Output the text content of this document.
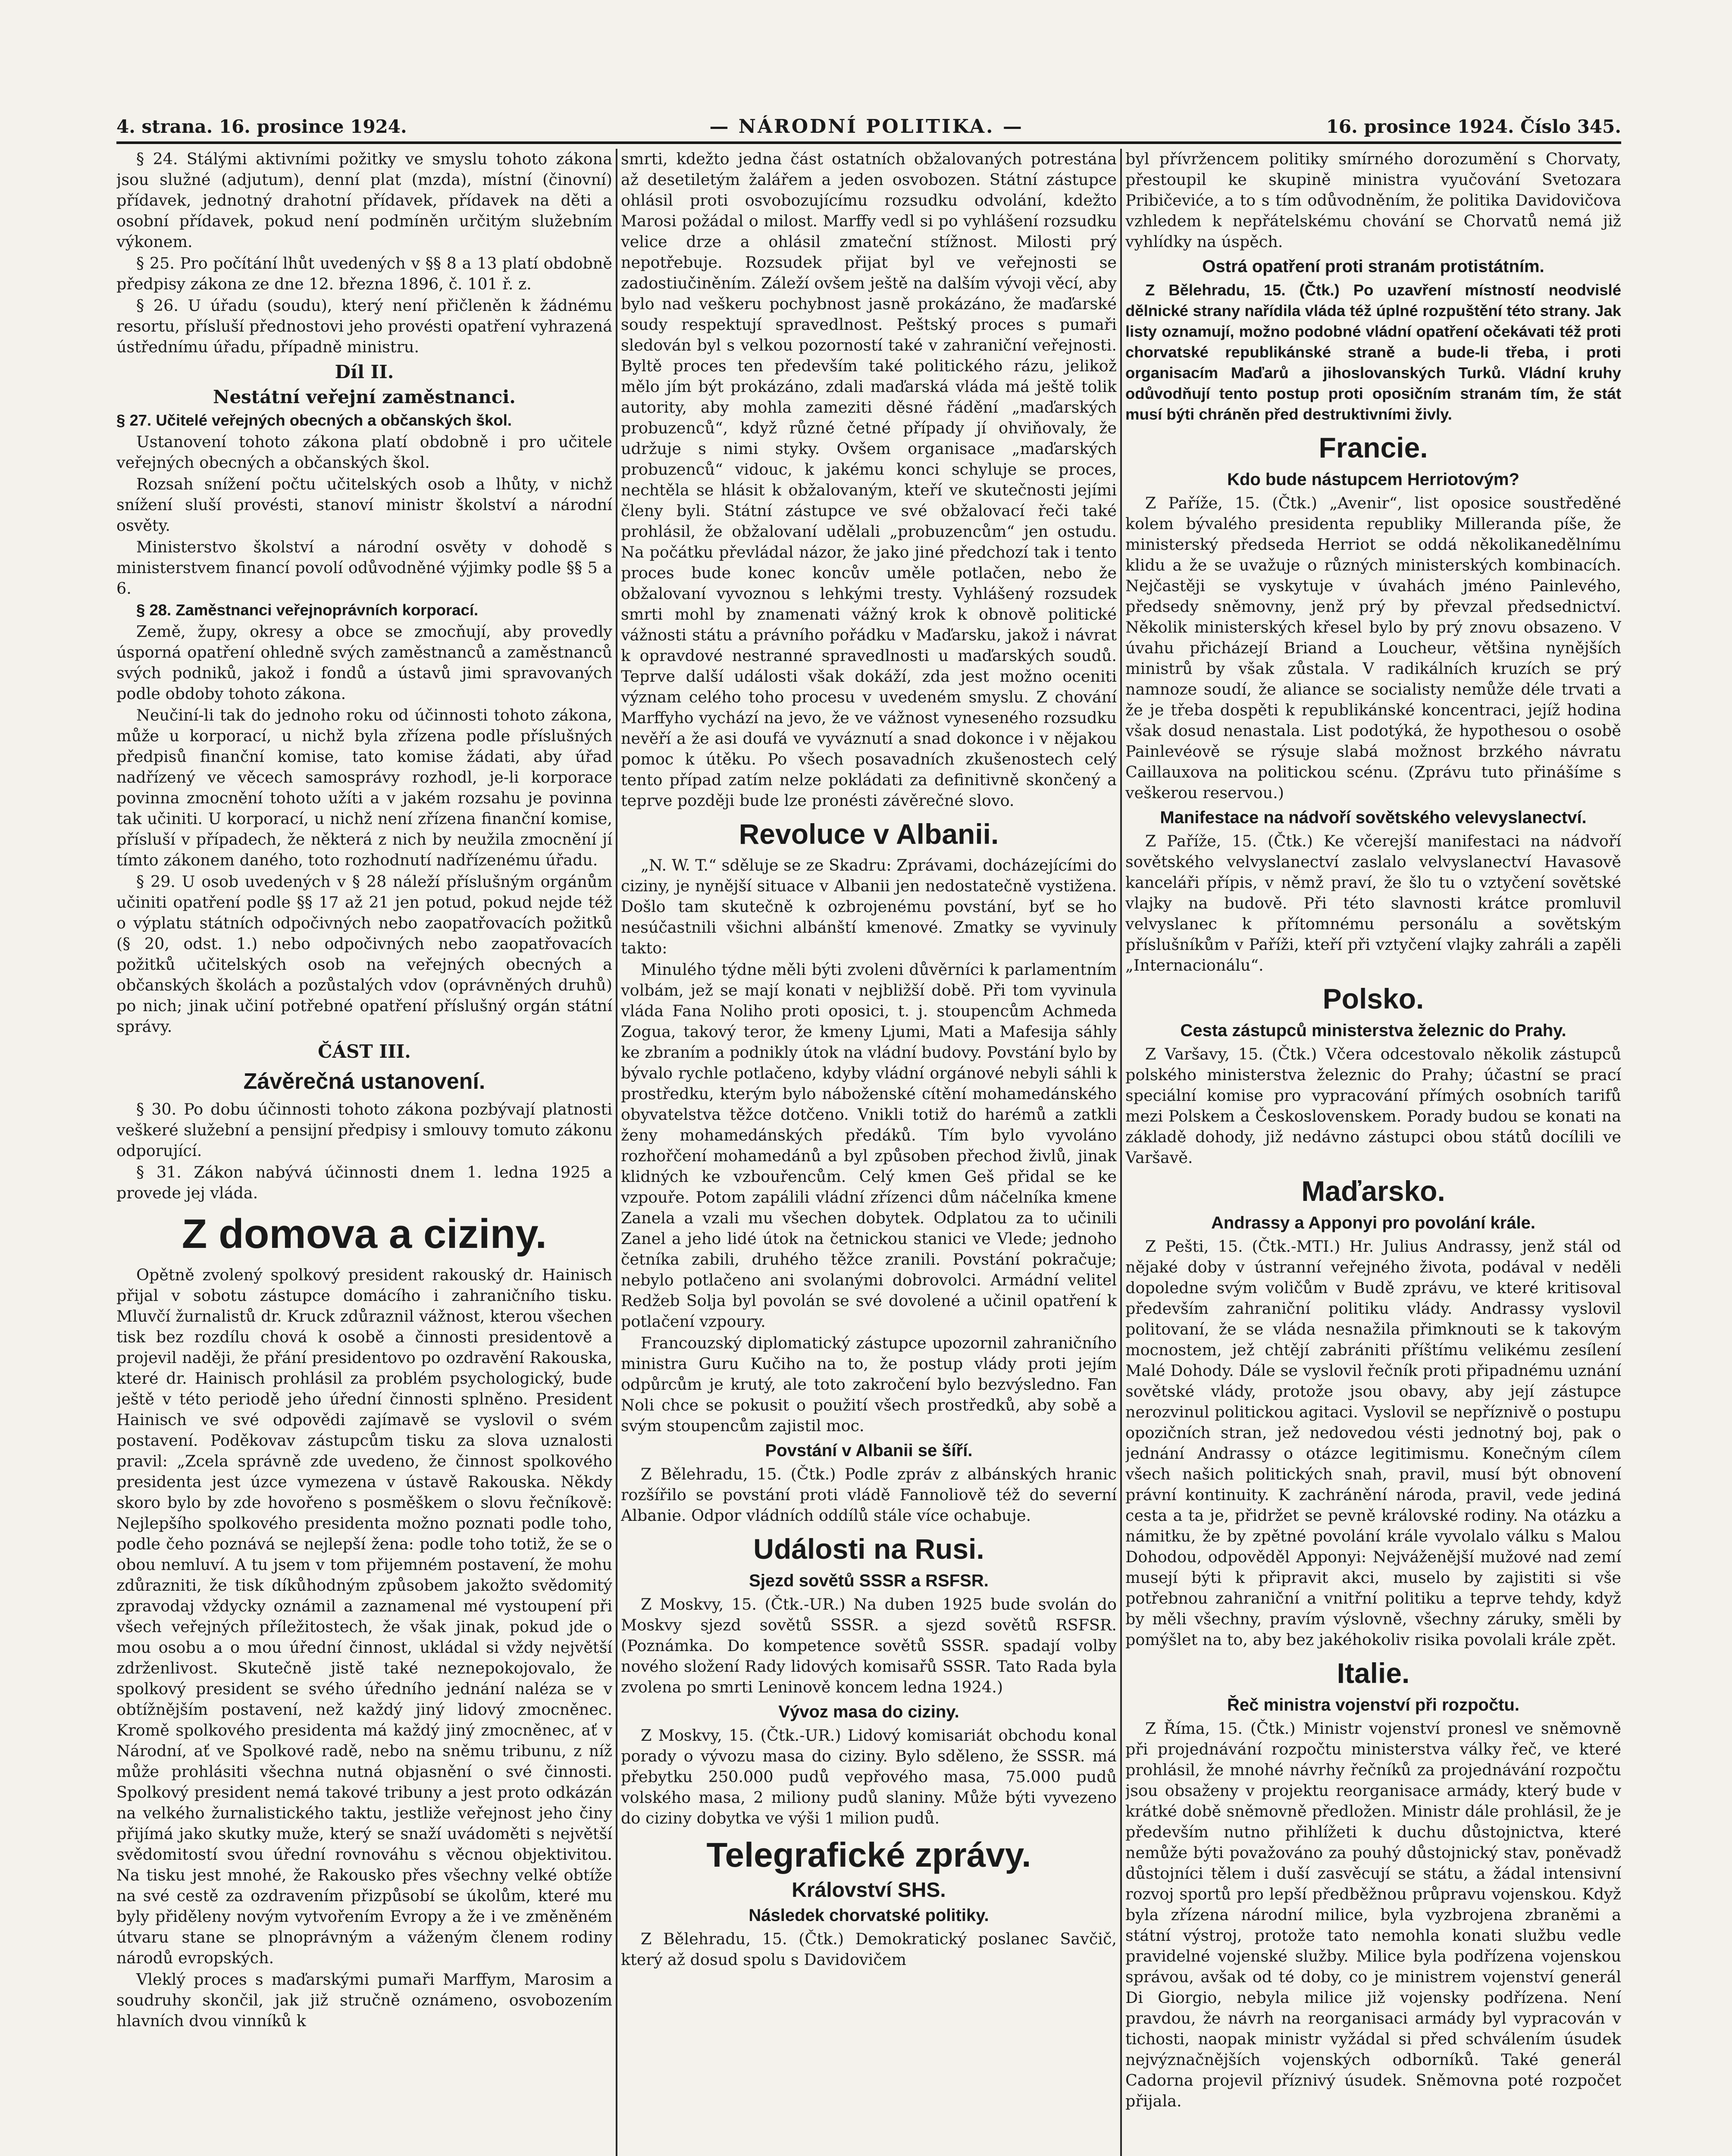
4. strana. 16. prosince 1924.	— NÁRODNÍ POLITIKA. —	16. prosince 1924. Číslo 345.

§ 24. Stálými aktivními požitky ve smyslu tohoto zákona jsou služné (adjutum), denní plat (mzda), místní (činovní) přídavek, jednotný drahotní přídavek, přídavek na děti a osobní přídavek, pokud není podmíněn určitým služebním výkonem.

§ 25. Pro počítání lhůt uvedených v §§ 8 a 13 platí obdobně předpisy zákona ze dne 12. března 1896, č. 101 ř. z.

§ 26. U úřadu (soudu), který není přičleněn k žádnému resortu, přísluší přednostovi jeho provésti opatření vyhrazená ústřednímu úřadu, případně ministru.

Díl II.
Nestátní veřejní zaměstnanci.

§ 27. Učitelé veřejných obecných a občanských škol.

Ustanovení tohoto zákona platí obdobně i pro učitele veřejných obecných a občanských škol.

Rozsah snížení počtu učitelských osob a lhůty, v nichž snížení sluší provésti, stanoví ministr školství a národní osvěty.

Ministerstvo školství a národní osvěty v dohodě s ministerstvem financí povolí odůvodněné výjimky podle §§ 5 a 6.

§ 28. Zaměstnanci veřejnoprávních korporací.

Země, župy, okresy a obce se zmocňují, aby provedly úsporná opatření ohledně svých zaměstnanců a zaměstnanců svých podniků, jakož i fondů a ústavů jimi spravovaných podle obdoby tohoto zákona.

Neučiní-li tak do jednoho roku od účinnosti tohoto zákona, může u korporací, u nichž byla zřízena podle příslušných předpisů finanční komise, tato komise žádati, aby úřad nadřízený ve věcech samosprávy rozhodl, je-li korporace povinna zmocnění tohoto užíti a v jakém rozsahu je povinna tak učiniti. U korporací, u nichž není zřízena finanční komise, přísluší v případech, že některá z nich by neužila zmocnění jí tímto zákonem daného, toto rozhodnutí nadřízenému úřadu.

§ 29. U osob uvedených v § 28 náleží příslušným orgánům učiniti opatření podle §§ 17 až 21 jen potud, pokud nejde též o výplatu státních odpočivných nebo zaopatřovacích požitků (§ 20, odst. 1.) nebo odpočivných nebo zaopatřovacích požitků učitelských osob na veřejných obecných a občanských školách a pozůstalých vdov (oprávněných druhů) po nich; jinak učiní potřebné opatření příslušný orgán státní správy.

ČÁST III.
Závěrečná ustanovení.

§ 30. Po dobu účinnosti tohoto zákona pozbývají platnosti veškeré služební a pensijní předpisy i smlouvy tomuto zákonu odporující.

§ 31. Zákon nabývá účinnosti dnem 1. ledna 1925 a provede jej vláda.

Z domova a ciziny.

Opětně zvolený spolkový president rakouský dr. Hainisch přijal v sobotu zástupce domácího i zahraničního tisku. Mluvčí žurnalistů dr. Kruck zdůraznil vážnost, kterou všechen tisk bez rozdílu chová k osobě a činnosti presidentově a projevil naději, že přání presidentovo po ozdravění Rakouska, které dr. Hainisch prohlásil za problém psychologický, bude ještě v této periodě jeho úřední činnosti splněno. President Hainisch ve své odpovědi zajímavě se vyslovil o svém postavení. Poděkovav zástupcům tisku za slova uznalosti pravil: „Zcela správně zde uvedeno, že činnost spolkového presidenta jest úzce vymezena v ústavě Rakouska. Někdy skoro bylo by zde hovořeno s posměškem o slovu řečníkově: Nejlepšího spolkového presidenta možno poznati podle toho, podle čeho poznává se nejlepší žena: podle toho totiž, že se o obou nemluví. A tu jsem v tom přijemném postavení, že mohu zdůrazniti, že tisk díkůhodným způsobem jakožto svědomitý zpravodaj vždycky oznámil a zaznamenal mé vystoupení při všech veřejných příležitostech, že však jinak, pokud jde o mou osobu a o mou úřední činnost, ukládal si vždy největší zdrženlivost. Skutečně jistě také neznepokojovalo, že spolkový president se svého úředního jednání naléza se v obtížnějším postavení, než každý jiný lidový zmocněnec. Kromě spolkového presidenta má každý jiný zmocněnec, ať v Národní, ať ve Spolkové radě, nebo na sněmu tribunu, z níž může prohlásiti všechna nutná objasnění o své činnosti. Spolkový president nemá takové tribuny a jest proto odkázán na velkého žurnalistického taktu, jestliže veřejnost jeho činy přijímá jako skutky muže, který se snaží uvádoměti s největší svědomitostí svou úřední rovnováhu s věcnou objektivitou. Na tisku jest mnohé, že Rakousko přes všechny velké obtíže na své cestě za ozdravením přizpůsobí se úkolům, které mu byly přiděleny novým vytvořením Evropy a že i ve změněném útvaru stane se plnoprávným a váženým členem rodiny národů evropských.

Vleklý proces s maďarskými pumaři Marffym, Marosim a soudruhy skončil, jak již stručně oznámeno, osvobozením hlavních dvou vinníků k

smrti, kdežto jedna část ostatních obžalovaných potrestána až desetiletým žalářem a jeden osvobozen. Státní zástupce ohlásil proti osvobozujícímu rozsudku odvolání, kdežto Marosi požádal o milost. Marffy vedl si po vyhlášení rozsudku velice drze a ohlásil zmateční stížnost. Milosti prý nepotřebuje. Rozsudek přijat byl ve veřejnosti se zadostiučiněním. Záleží ovšem ještě na dalším vývoji věcí, aby bylo nad veškeru pochybnost jasně prokázáno, že maďarské soudy respektují spravedlnost. Peštský proces s pumaři sledován byl s velkou pozorností také v zahraniční veřejnosti. Byltě proces ten především také politického rázu, jelikož mělo jím být prokázáno, zdali maďarská vláda má ještě tolik autority, aby mohla zameziti děsné řádění „maďarských probuzenců“, když různé četné případy jí ohviňovaly, že udržuje s nimi styky. Ovšem organisace „maďarských probuzenců“ vidouc, k jakému konci schyluje se proces, nechtěla se hlásit k obžalovaným, kteří ve skutečnosti jejími členy byli. Státní zástupce ve své obžalovací řeči také prohlásil, že obžalovaní udělali „probuzencům“ jen ostudu. Na počátku převládal názor, že jako jiné předchozí tak i tento proces bude konec koncův uměle potlačen, nebo že obžalovaní vyvoznou s lehkými tresty. Vyhlášený rozsudek smrti mohl by znamenati vážný krok k obnově politické vážnosti státu a právního pořádku v Maďarsku, jakož i návrat k opravdové nestranné spravedlnosti u maďarských soudů. Teprve další události však dokáží, zda jest možno oceniti význam celého toho procesu v uvedeném smyslu. Z chování Marffyho vychází na jevo, že ve vážnost vyneseného rozsudku nevěří a že asi doufá ve vyváznutí a snad dokonce i v nějakou pomoc k útěku. Po všech posavadních zkušenostech celý tento případ zatím nelze pokládati za definitivně skončený a teprve později bude lze pronésti závěrečné slovo.

Revoluce v Albanii.

„N. W. T.“ sděluje se ze Skadru: Zprávami, docházejícími do ciziny, je nynější situace v Albanii jen nedostatečně vystižena. Došlo tam skutečně k ozbrojenému povstání, byť se ho nesúčastnili všichni albánští kmenové. Zmatky se vyvinuly takto:

Minulého týdne měli býti zvoleni důvěrníci k parlamentním volbám, jež se mají konati v nejbližší době. Při tom vyvinula vláda Fana Noliho proti oposici, t. j. stoupencům Achmeda Zogua, takový teror, že kmeny Ljumi, Mati a Mafesija sáhly ke zbraním a podnikly útok na vládní budovy. Povstání bylo by bývalo rychle potlačeno, kdyby vládní orgánové nebyli sáhli k prostředku, kterým bylo náboženské cítění mohamedánského obyvatelstva těžce dotčeno. Vnikli totiž do harémů a zatkli ženy mohamedánských předáků. Tím bylo vyvoláno rozhořčení mohamedánů a byl způsoben přechod živlů, jinak klidných ke vzbouřencům. Celý kmen Geš přidal se ke vzpouře. Potom zapálili vládní zřízenci dům náčelníka kmene Zanela a vzali mu všechen dobytek. Odplatou za to učinili Zanel a jeho lidé útok na četnickou stanici ve Vlede; jednoho četníka zabili, druhého těžce zranili. Povstání pokračuje; nebylo potlačeno ani svolanými dobrovolci. Armádní velitel Redžeb Solja byl povolán se své dovolené a učinil opatření k potlačení vzpoury.

Francouzský diplomatický zástupce upozornil zahraničního ministra Guru Kučiho na to, že postup vlády proti jejím odpůrcům je krutý, ale toto zakročení bylo bezvýsledno. Fan Noli chce se pokusit o použití všech prostředků, aby sobě a svým stoupencům zajistil moc.

Povstání v Albanii se šíří.

Z Bělehradu, 15. (Čtk.) Podle zpráv z albánských hranic rozšířilo se povstání proti vládě Fannoliově též do severní Albanie. Odpor vládních oddílů stále více ochabuje.

Události na Rusi.
Sjezd sovětů SSSR a RSFSR.

Z Moskvy, 15. (Čtk.-UR.) Na duben 1925 bude svolán do Moskvy sjezd sovětů SSSR. a sjezd sovětů RSFSR. (Poznámka. Do kompetence sovětů SSSR. spadají volby nového složení Rady lidových komisařů SSSR. Tato Rada byla zvolena po smrti Leninově koncem ledna 1924.)

Vývoz masa do ciziny.

Z Moskvy, 15. (Čtk.-UR.) Lidový komisariát obchodu konal porady o vývozu masa do ciziny. Bylo sděleno, že SSSR. má přebytku 250.000 pudů vepřového masa, 75.000 pudů volského masa, 2 miliony pudů slaniny. Může býti vyvezeno do ciziny dobytka ve výši 1 milion pudů.

Telegrafické zprávy.
Království SHS.
Následek chorvatské politiky.

Z Bělehradu, 15. (Čtk.) Demokratický poslanec Savčič, který až dosud spolu s Davidovičem

byl přívržencem politiky smírného dorozumění s Chorvaty, přestoupil ke skupině ministra vyučování Svetozara Pribičeviće, a to s tím odůvodněním, že politika Davidovičova vzhledem k nepřátelskému chování se Chorvatů nemá již vyhlídky na úspěch.

Ostrá opatření proti stranám protistátním.

Z Bělehradu, 15. (Čtk.) Po uzavření místností neodvislé dělnické strany nařídila vláda též úplné rozpuštění této strany. Jak listy oznamují, možno podobné vládní opatření očekávati též proti chorvatské republikánské straně a bude-li třeba, i proti organisacím Maďarů a jihoslovanských Turků. Vládní kruhy odůvodňují tento postup proti oposičním stranám tím, že stát musí býti chráněn před destruktivními živly.

Francie.
Kdo bude nástupcem Herriotovým?

Z Paříže, 15. (Čtk.) „Avenir“, list oposice soustředěné kolem bývalého presidenta republiky Milleranda píše, že ministerský předseda Herriot se oddá několikanedělnímu klidu a že se uvažuje o různých ministerských kombinacích. Nejčastěji se vyskytuje v úvahách jméno Painlevého, předsedy sněmovny, jenž prý by převzal předsednictví. Několik ministerských křesel bylo by prý znovu obsazeno. V úvahu přicházejí Briand a Loucheur, většina nynějších ministrů by však zůstala. V radikálních kruzích se prý namnoze soudí, že aliance se socialisty nemůže déle trvati a že je třeba dospěti k republikánské koncentraci, jejíž hodina však dosud nenastala. List podotýká, že hypothesou o osobě Painlevéově se rýsuje slabá možnost brzkého návratu Caillauxova na politickou scénu. (Zprávu tuto přinášíme s veškerou reservou.)

Manifestace na nádvoří sovětského velevyslanectví.

Z Paříže, 15. (Čtk.) Ke včerejší manifestaci na nádvoří sovětského velvyslanectví zaslalo velvyslanectví Havasově kanceláři přípis, v němž praví, že šlo tu o vztyčení sovětské vlajky na budově. Při této slavnosti krátce promluvil velvyslanec k přítomnému personálu a sovětským příslušníkům v Paříži, kteří při vztyčení vlajky zahráli a zapěli „Internacionálu“.

Polsko.
Cesta zástupců ministerstva železnic do Prahy.

Z Varšavy, 15. (Čtk.) Včera odcestovalo několik zástupců polského ministerstva železnic do Prahy; účastní se prací speciální komise pro vypracování přímých osobních tarifů mezi Polskem a Československem. Porady budou se konati na základě dohody, již nedávno zástupci obou států docílili ve Varšavě.

Maďarsko.
Andrassy a Apponyi pro povolání krále.

Z Pešti, 15. (Čtk.-MTI.) Hr. Julius Andrassy, jenž stál od nějaké doby v ústranní veřejného života, podával v neděli dopoledne svým voličům v Budě zprávu, ve které kritisoval především zahraniční politiku vlády. Andrassy vyslovil politovaní, že se vláda nesnažila přimknouti se k takovým mocnostem, jež chtějí zabrániti příštímu velikému zesílení Malé Dohody. Dále se vyslovil řečník proti připadnému uznání sovětské vlády, protože jsou obavy, aby její zástupce nerozvinul politickou agitaci. Vyslovil se nepříznivě o postupu opozičních stran, jež nedovedou vésti jednotný boj, pak o jednání Andrassy o otázce legitimismu. Konečným cílem všech našich politických snah, pravil, musí být obnovení právní kontinuity. K zachránění národa, pravil, vede jediná cesta a ta je, přidržet se pevně královské rodiny. Na otázku a námitku, že by zpětné povolání krále vyvolalo válku s Malou Dohodou, odpověděl Apponyi: Nejváženější mužové nad zemí musejí býti k připravit akci, muselo by zajistiti si vše potřebnou zahraniční a vnitřní politiku a teprve tehdy, když by měli všechny, pravím výslovně, všechny záruky, směli by pomýšlet na to, aby bez jakéhokoliv risika povolali krále zpět.

Italie.
Řeč ministra vojenství při rozpočtu.

Z Říma, 15. (Čtk.) Ministr vojenství pronesl ve sněmovně při projednávání rozpočtu ministerstva války řeč, ve které prohlásil, že mnohé návrhy řečníků za projednávání rozpočtu jsou obsaženy v projektu reorganisace armády, který bude v krátké době sněmovně předložen. Ministr dále prohlásil, že je především nutno přihlížeti k duchu důstojnictva, které nemůže býti považováno za pouhý důstojnický stav, poněvadž důstojníci tělem i duší zasvěcují se státu, a žádal intensivní rozvoj sportů pro lepší předběžnou průpravu vojenskou. Když byla zřízena národní milice, byla vyzbrojena zbraněmi a státní výstroj, protože tato nemohla konati službu vedle pravidelné vojenské služby. Milice byla podřízena vojenskou správou, avšak od té doby, co je ministrem vojenství generál Di Giorgio, nebyla milice již vojensky podřízena. Není pravdou, že návrh na reorganisaci armády byl vypracován v tichosti, naopak ministr vyžádal si před schválením úsudek nejvýznačnějších vojenských odborníků. Také generál Cadorna projevil příznivý úsudek. Sněmovna poté rozpočet přijala.
